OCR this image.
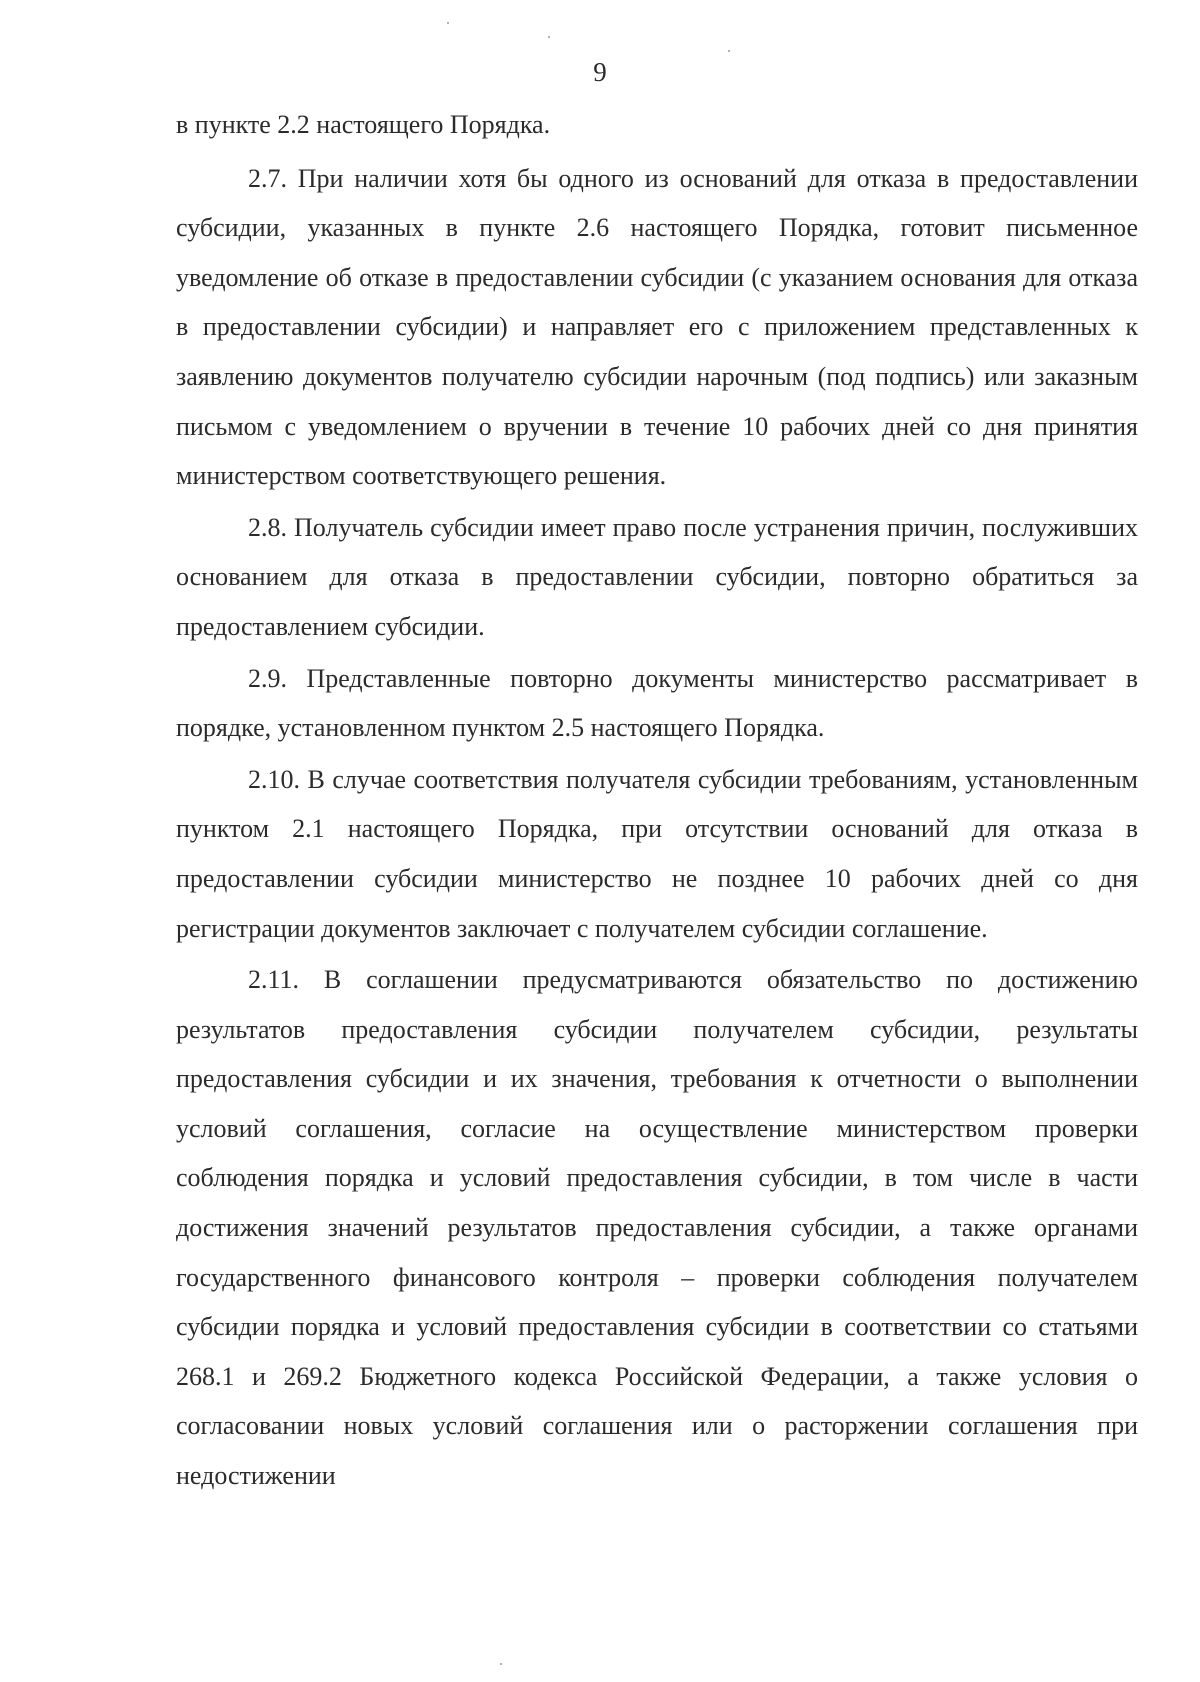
9

в пункте 2.2 настоящего Порядка.

2.7. При наличии хотя бы одного из оснований для отказа в предоставлении субсидии, указанных в пункте 2.6 настоящего Порядка, готовит письменное уведомление об отказе в предоставлении субсидии (с указанием основания для отказа в предоставлении субсидии) и направляет его с приложением представленных к заявлению документов получателю субсидии нарочным (под подпись) или заказным письмом с уведомлением о вручении в течение 10 рабочих дней со дня принятия министерством соответствующего решения.

2.8. Получатель субсидии имеет право после устранения причин, послуживших основанием для отказа в предоставлении субсидии, повторно обратиться за предоставлением субсидии.

2.9. Представленные повторно документы министерство рассматривает в порядке, установленном пунктом 2.5 настоящего Порядка.

2.10. В случае соответствия получателя субсидии требованиям, установленным пунктом 2.1 настоящего Порядка, при отсутствии оснований для отказа в предоставлении субсидии министерство не позднее 10 рабочих дней со дня регистрации документов заключает с получателем субсидии соглашение.

2.11. В соглашении предусматриваются обязательство по достижению результатов предоставления субсидии получателем субсидии, результаты предоставления субсидии и их значения, требования к отчетности о выполнении условий соглашения, согласие на осуществление министерством проверки соблюдения порядка и условий предоставления субсидии, в том числе в части достижения значений результатов предоставления субсидии, а также органами государственного финансового контроля – проверки соблюдения получателем субсидии порядка и условий предоставления субсидии в соответствии со статьями 268.1 и 269.2 Бюджетного кодекса Российской Федерации, а также условия о согласовании новых условий соглашения или о расторжении соглашения при недостижении
